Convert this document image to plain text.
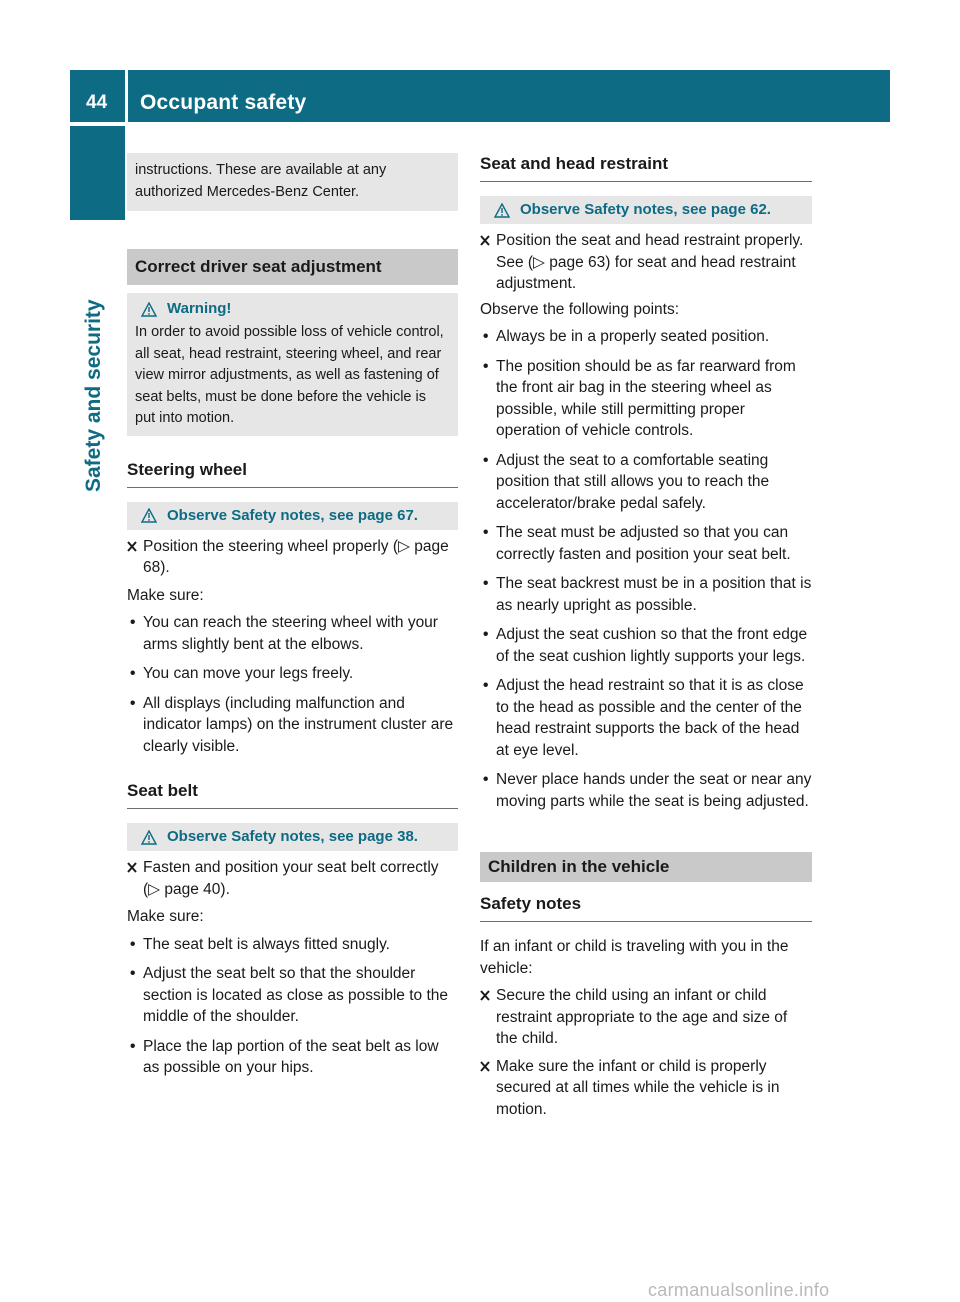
44 Occupant safety
Safety and security

instructions. These are available at any authorized Mercedes-Benz Center.

Correct driver seat adjustment
Warning!

In order to avoid possible loss of vehicle control, all seat, head restraint, steering wheel, and rear view mirror adjustments, as well as fastening of seat belts, must be done before the vehicle is put into motion.

Steering wheel
Observe Safety notes, see page 67.

Position the steering wheel properly (▷ page 68).

Make sure:

• You can reach the steering wheel with your arms slightly bent at the elbows.
• You can move your legs freely.
• All displays (including malfunction and indicator lamps) on the instrument cluster are clearly visible.
Seat belt
Observe Safety notes, see page 38.

Fasten and position your seat belt correctly (▷ page 40).

Make sure:

• The seat belt is always fitted snugly.
• Adjust the seat belt so that the shoulder section is located as close as possible to the middle of the shoulder.
• Place the lap portion of the seat belt as low as possible on your hips.
Seat and head restraint
Observe Safety notes, see page 62.

Position the seat and head restraint properly. See (▷ page 63) for seat and head restraint adjustment.

Observe the following points:

• Always be in a properly seated position.
• The position should be as far rearward from the front air bag in the steering wheel as possible, while still permitting proper operation of vehicle controls.
• Adjust the seat to a comfortable seating position that still allows you to reach the accelerator/brake pedal safely.
• The seat must be adjusted so that you can correctly fasten and position your seat belt.
• The seat backrest must be in a position that is as nearly upright as possible.
• Adjust the seat cushion so that the front edge of the seat cushion lightly supports your legs.
• Adjust the head restraint so that it is as close to the head as possible and the center of the head restraint supports the back of the head at eye level.
• Never place hands under the seat or near any moving parts while the seat is being adjusted.
Children in the vehicle
Safety notes

If an infant or child is traveling with you in the vehicle:

Secure the child using an infant or child restraint appropriate to the age and size of the child.

Make sure the infant or child is properly secured at all times while the vehicle is in motion.

carmanualsonline.info
